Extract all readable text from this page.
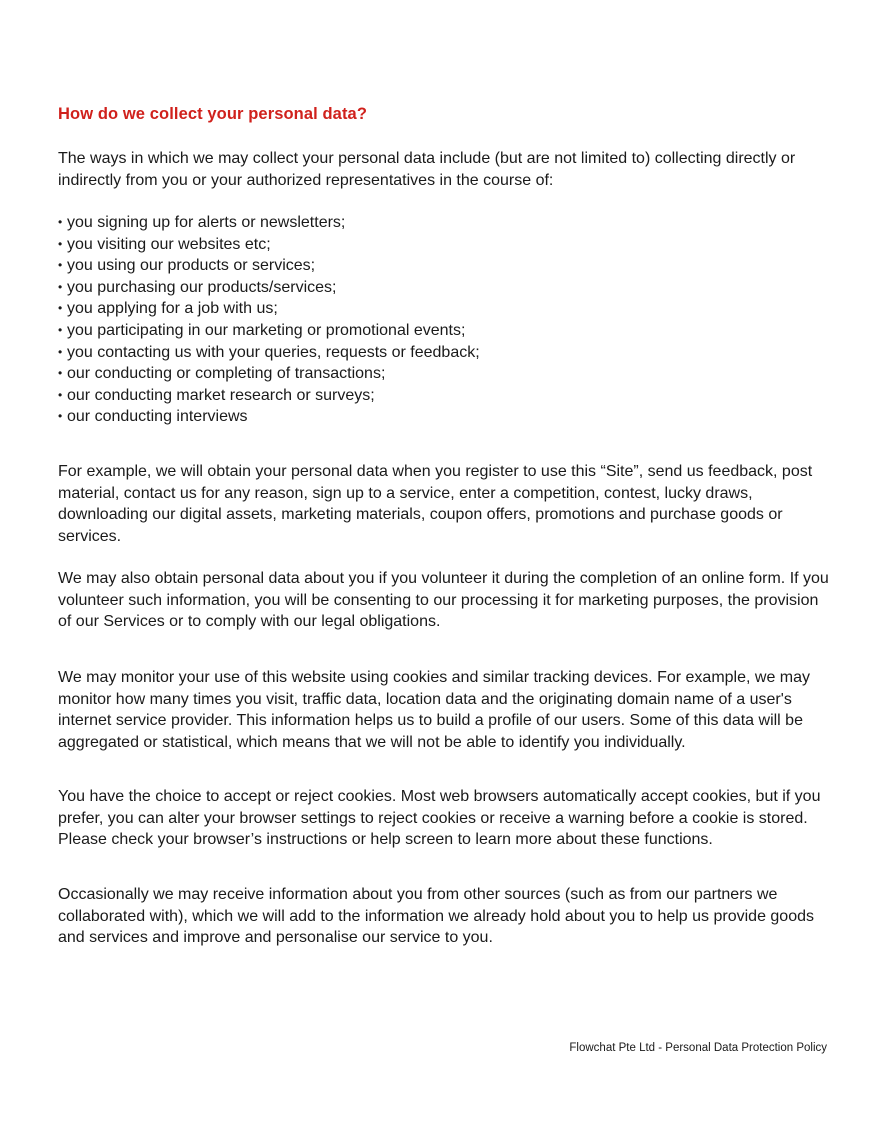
How do we collect your personal data?

The ways in which we may collect your personal data include (but are not limited to) collecting directly or indirectly from you or your authorized representatives in the course of:

• you signing up for alerts or newsletters;
• you visiting our websites etc;
• you using our products or services;
• you purchasing our products/services;
• you applying for a job with us;
• you participating in our marketing or promotional events;
• you contacting us with your queries, requests or feedback;
• our conducting or completing of transactions;
• our conducting market research or surveys;
• our conducting interviews

For example, we will obtain your personal data when you register to use this “Site”, send us feedback, post material, contact us for any reason, sign up to a service, enter a competition, contest, lucky draws, downloading our digital assets, marketing materials, coupon offers, promotions and purchase goods or services.

We may also obtain personal data about you if you volunteer it during the completion of an online form. If you volunteer such information, you will be consenting to our processing it for marketing purposes, the provision of our Services or to comply with our legal obligations.

We may monitor your use of this website using cookies and similar tracking devices. For example, we may monitor how many times you visit, traffic data, location data and the originating domain name of a user's internet service provider. This information helps us to build a profile of our users. Some of this data will be aggregated or statistical, which means that we will not be able to identify you individually.

You have the choice to accept or reject cookies. Most web browsers automatically accept cookies, but if you prefer, you can alter your browser settings to reject cookies or receive a warning before a cookie is stored. Please check your browser’s instructions or help screen to learn more about these functions.

Occasionally we may receive information about you from other sources (such as from our partners we collaborated with), which we will add to the information we already hold about you to help us provide goods and services and improve and personalise our service to you.

Flowchat Pte Ltd - Personal Data Protection Policy
